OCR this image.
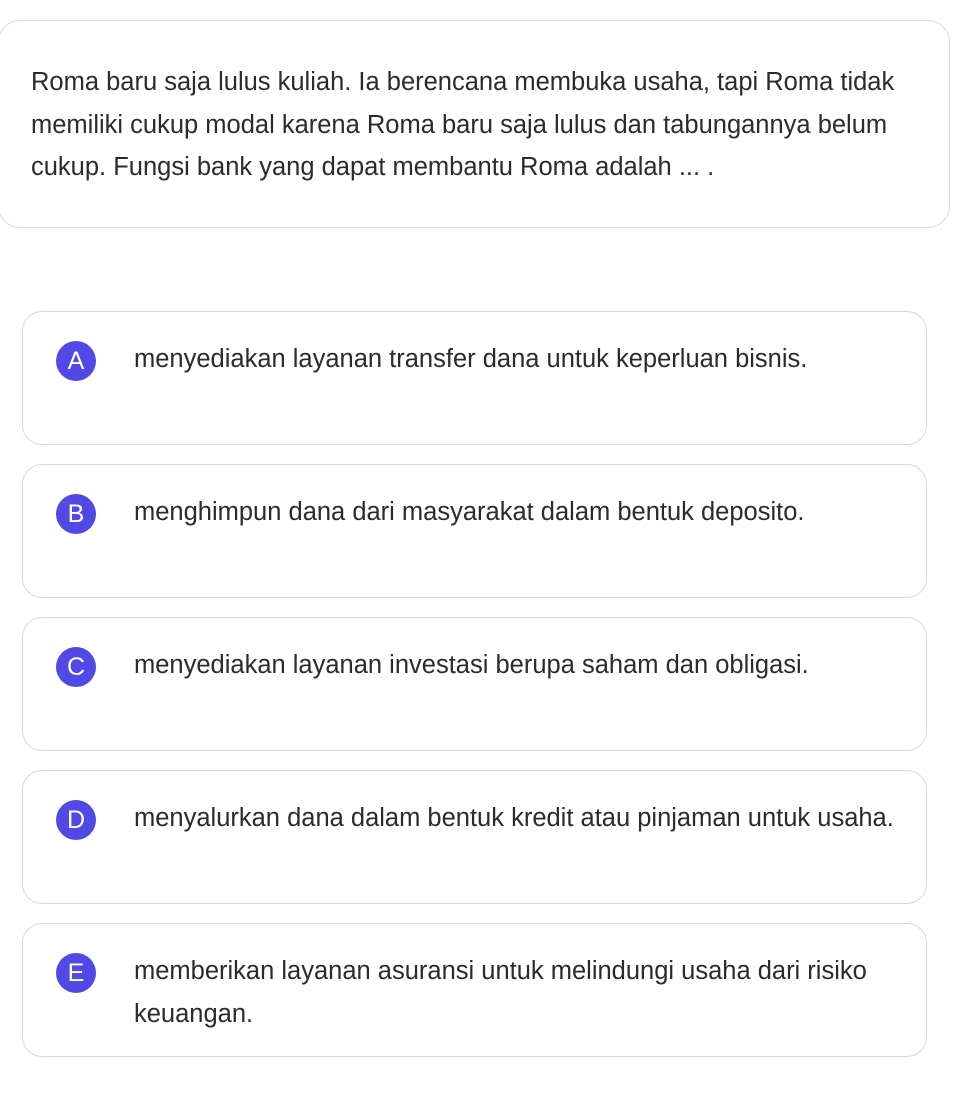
Roma baru saja lulus kuliah. Ia berencana membuka usaha, tapi Roma tidak memiliki cukup modal karena Roma baru saja lulus dan tabungannya belum cukup. Fungsi bank yang dapat membantu Roma adalah ... .

A	menyediakan layanan transfer dana untuk keperluan bisnis.
B	menghimpun dana dari masyarakat dalam bentuk deposito.
C	menyediakan layanan investasi berupa saham dan obligasi.
D	menyalurkan dana dalam bentuk kredit atau pinjaman untuk usaha.
E	memberikan layanan asuransi untuk melindungi usaha dari risiko keuangan.
